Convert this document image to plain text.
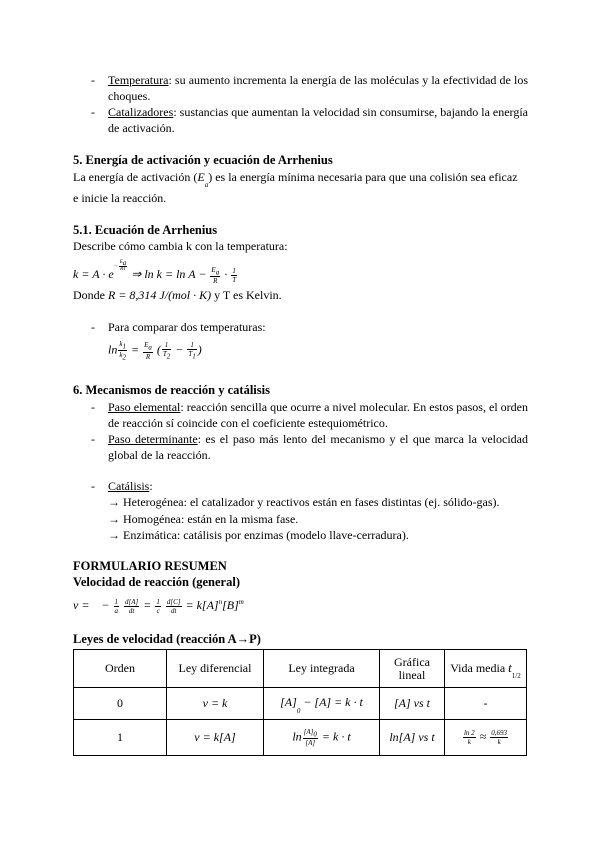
-	Temperatura: su aumento incrementa la energía de las moléculas y la efectividad de los choques.
-	Catalizadores: sustancias que aumentan la velocidad sin consumirse, bajando la energía de activación.
5. Energía de activación y ecuación de Arrhenius
La energía de activación $(E_a)$ es la energía mínima necesaria para que una colisión sea eficaz
e inicie la reacción.
5.1. Ecuación de Arrhenius
Describe cómo cambia k con la temperatura:
$k = A \cdot e^{- \frac{E_a}{RT}}$
⇒ $\ln k = \ln A - \frac{E_a}{R} \cdot \frac{1}{T}$
Donde R = 8,314 J/(mol · K) y T es Kelvin.
-	Para comparar dos temperaturas:
$\ln \frac{k_1}{k_2} = \frac{E_a}{R}$ ( $\frac{1}{T_2} - \frac{1}{T_1}$ )
6. Mecanismos de reacción y catálisis
-	Paso elemental: reacción sencilla que ocurre a nivel molecular. En estos pasos, el orden de reacción sí coincide con el coeficiente estequiométrico.
-	Paso determinante: es el paso más lento del mecanismo y el que marca la velocidad global de la reacción.
-	Catálisis:
→ Heterogénea: el catalizador y reactivos están en fases distintas (ej. sólido-gas).
→ Homogénea: están en la misma fase.
→ Enzimática: catálisis por enzimas (modelo llave-cerradura).
FORMULARIO RESUMEN
Velocidad de reacción (general)
v =    − $\frac{1}{a}$
$\frac{d[A]}{dt} = \frac{1}{c}$
$\frac{d[C]}{dt} = k[A]^n[B]^m$
Leyes de velocidad (reacción A→P)
Orden	Ley diferencial	Ley integrada	Gráfica lineal	Vida media $t_{1/2}$
0	v = k	$[A]_0 - [A] = k \cdot t$	[A] vs t	-
1	v = k[A]	$\ln \frac{[A]_0}{[A]} = k \cdot t$	ln[A] vs t	$\frac{\ln 2}{k} \approx \frac{0,693}{k}$
